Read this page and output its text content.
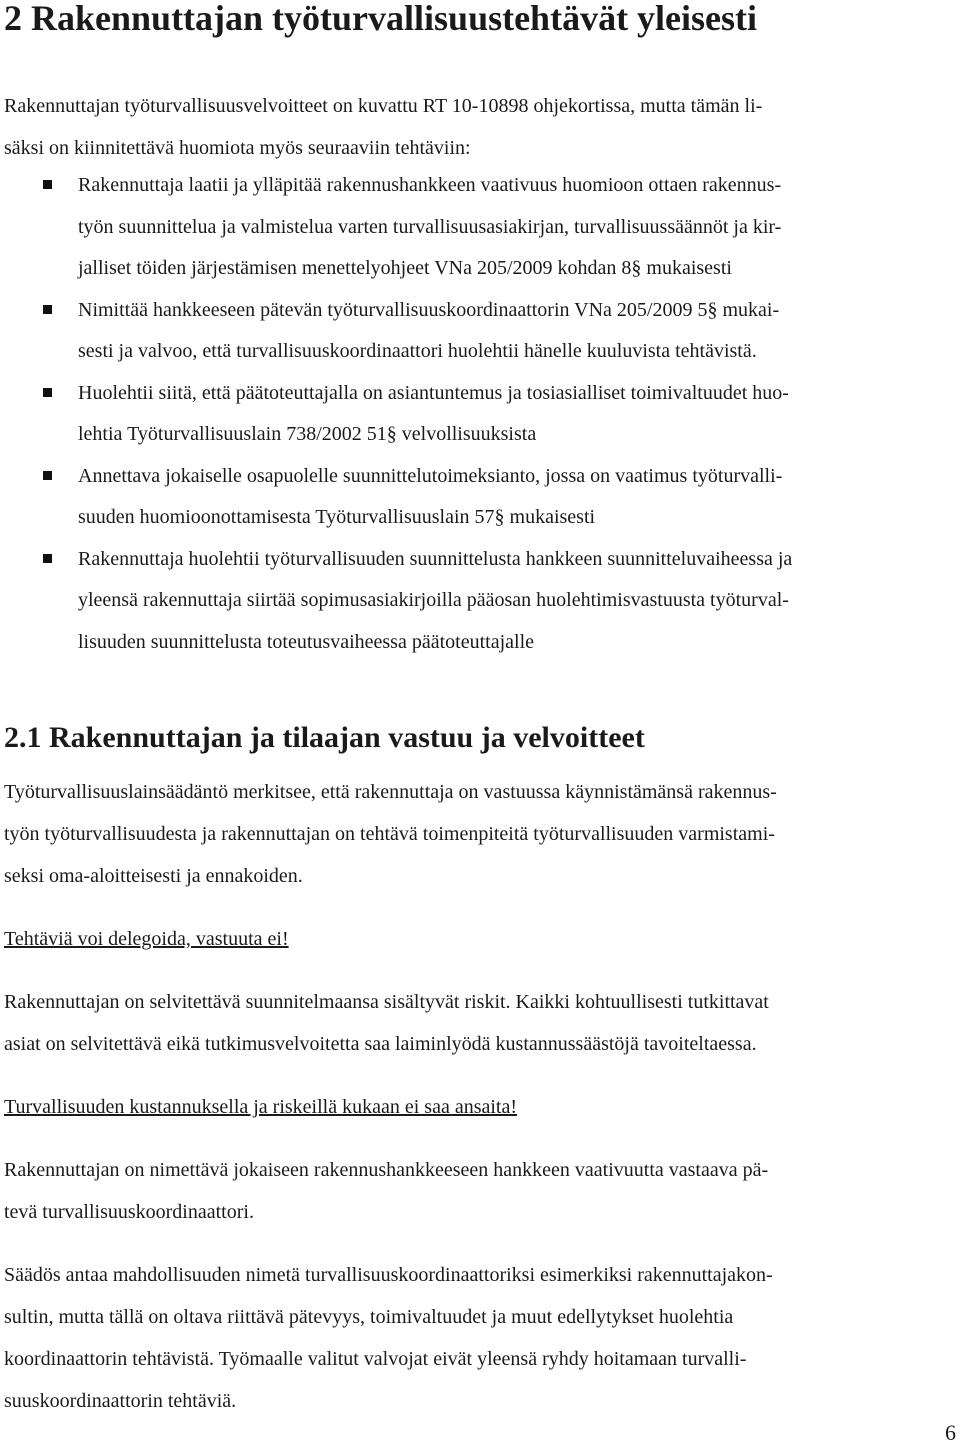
2 Rakennuttajan työturvallisuustehtävät yleisesti
Rakennuttajan työturvallisuusvelvoitteet on kuvattu RT 10-10898 ohjekortissa, mutta tämän li-
säksi on kiinnitettävä huomiota myös seuraaviin tehtäviin:
Rakennuttaja laatii ja ylläpitää rakennushankkeen vaativuus huomioon ottaen rakennus-
työn suunnittelua ja valmistelua varten turvallisuusasiakirjan, turvallisuussäännöt ja kir-
jalliset töiden järjestämisen menettelyohjeet VNa 205/2009 kohdan 8§ mukaisesti
Nimittää hankkeeseen pätevän työturvallisuuskoordinaattorin VNa 205/2009 5§ mukai-
sesti ja valvoo, että turvallisuuskoordinaattori huolehtii hänelle kuuluvista tehtävistä.
Huolehtii siitä, että päätoteuttajalla on asiantuntemus ja tosiasialliset toimivaltuudet huo-
lehtia Työturvallisuuslain 738/2002 51§ velvollisuuksista
Annettava jokaiselle osapuolelle suunnittelutoimeksianto, jossa on vaatimus työturvalli-
suuden huomioonottamisesta Työturvallisuuslain 57§ mukaisesti
Rakennuttaja huolehtii työturvallisuuden suunnittelusta hankkeen suunnitteluvaiheessa ja
yleensä rakennuttaja siirtää sopimusasiakirjoilla pääosan huolehtimisvastuusta työturval-
lisuuden suunnittelusta toteutusvaiheessa päätoteuttajalle
2.1 Rakennuttajan ja tilaajan vastuu ja velvoitteet
Työturvallisuuslainsäädäntö merkitsee, että rakennuttaja on vastuussa käynnistämänsä rakennus-
työn työturvallisuudesta ja rakennuttajan on tehtävä toimenpiteitä työturvallisuuden varmistami-
seksi oma-aloitteisesti ja ennakoiden.
Tehtäviä voi delegoida, vastuuta ei!
Rakennuttajan on selvitettävä suunnitelmaansa sisältyvät riskit. Kaikki kohtuullisesti tutkittavat
asiat on selvitettävä eikä tutkimusvelvoitetta saa laiminlyödä kustannussäästöjä tavoiteltaessa.
Turvallisuuden kustannuksella ja riskeillä kukaan ei saa ansaita!
Rakennuttajan on nimettävä jokaiseen rakennushankkeeseen hankkeen vaativuutta vastaava pä-
tevä turvallisuuskoordinaattori.
Säädös antaa mahdollisuuden nimetä turvallisuuskoordinaattoriksi esimerkiksi rakennuttajakon-
sultin, mutta tällä on oltava riittävä pätevyys, toimivaltuudet ja muut edellytykset huolehtia
koordinaattorin tehtävistä. Työmaalle valitut valvojat eivät yleensä ryhdy hoitamaan turvalli-
suuskoordinaattorin tehtäviä.
6
